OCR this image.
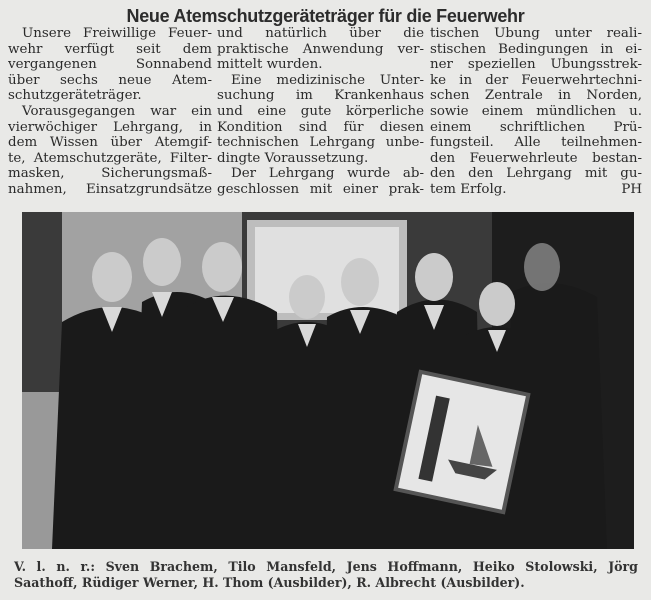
Neue Atemschutzgeräteträger für die Feuerwehr
Unsere Freiwillige Feuer-
wehr verfügt seit dem
vergangenen Sonnabend
über sechs neue Atem-
schutzgeräteträger.
Vorausgegangen war ein
vierwöchiger Lehrgang, in
dem Wissen über Atemgif-
te, Atemschutzgeräte, Filter-
masken, Sicherungsmaß-
nahmen, Einsatzgrundsätze
und natürlich über die
praktische Anwendung ver-
mittelt wurden.
Eine medizinische Unter-
suchung im Krankenhaus
und eine gute körperliche
Kondition sind für diesen
technischen Lehrgang unbe-
dingte Voraussetzung.
Der Lehrgang wurde ab-
geschlossen mit einer prak-
tischen Übung unter reali-
stischen Bedingungen in ei-
ner speziellen Übungsstrek-
ke in der Feuerwehrtechni-
schen Zentrale in Norden,
sowie einem mündlichen u.
einem schriftlichen Prü-
fungsteil. Alle teilnehmen-
den Feuerwehrleute bestan-
den den Lehrgang mit gu-
tem Erfolg.	PH
V. l. n. r.: Sven Brachem, Tilo Mansfeld, Jens Hoffmann, Heiko Stolowski, Jörg
Saathoff, Rüdiger Werner, H. Thom (Ausbilder), R. Albrecht (Ausbilder).
